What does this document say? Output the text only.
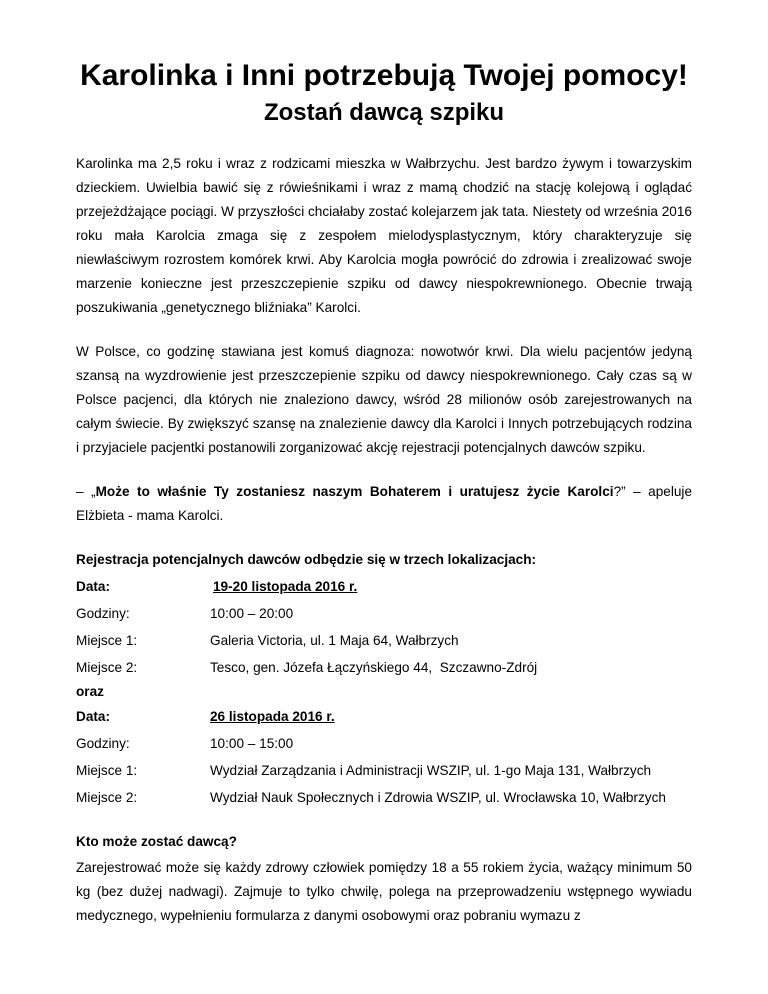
Karolinka i Inni potrzebują Twojej pomocy!
Zostań dawcą szpiku

Karolinka ma 2,5 roku i wraz z rodzicami mieszka w Wałbrzychu. Jest bardzo żywym i towarzyskim dzieckiem. Uwielbia bawić się z rówieśnikami i wraz z mamą chodzić na stację kolejową i oglądać przejeżdżające pociągi. W przyszłości chciałaby zostać kolejarzem jak tata. Niestety od września 2016 roku mała Karolcia zmaga się z zespołem mielodysplastycznym, który charakteryzuje się niewłaściwym rozrostem komórek krwi. Aby Karolcia mogła powrócić do zdrowia i zrealizować swoje marzenie konieczne jest przeszczepienie szpiku od dawcy niespokrewnionego. Obecnie trwają poszukiwania „genetycznego bliźniaka” Karolci.

W Polsce, co godzinę stawiana jest komuś diagnoza: nowotwór krwi. Dla wielu pacjentów jedyną szansą na wyzdrowienie jest przeszczepienie szpiku od dawcy niespokrewnionego. Cały czas są w Polsce pacjenci, dla których nie znaleziono dawcy, wśród 28 milionów osób zarejestrowanych na całym świecie. By zwiększyć szansę na znalezienie dawcy dla Karolci i Innych potrzebujących rodzina i przyjaciele pacjentki postanowili zorganizować akcję rejestracji potencjalnych dawców szpiku.

– „Może to właśnie Ty zostaniesz naszym Bohaterem i uratujesz życie Karolci?” – apeluje Elżbieta - mama Karolci.

Rejestracja potencjalnych dawców odbędzie się w trzech lokalizacjach:
Data:	19-20 listopada 2016 r.
Godziny:	10:00 – 20:00
Miejsce 1:	Galeria Victoria, ul. 1 Maja 64, Wałbrzych
Miejsce 2:	Tesco, gen. Józefa Łączyńskiego 44,  Szczawno-Zdrój
oraz
Data:	26 listopada 2016 r.
Godziny:	10:00 – 15:00
Miejsce 1:	Wydział Zarządzania i Administracji WSZIP, ul. 1-go Maja 131, Wałbrzych
Miejsce 2:	Wydział Nauk Społecznych i Zdrowia WSZIP, ul. Wrocławska 10, Wałbrzych
Kto może zostać dawcą?

Zarejestrować może się każdy zdrowy człowiek pomiędzy 18 a 55 rokiem życia, ważący minimum 50 kg (bez dużej nadwagi). Zajmuje to tylko chwilę, polega na przeprowadzeniu wstępnego wywiadu medycznego, wypełnieniu formularza z danymi osobowymi oraz pobraniu wymazu z
